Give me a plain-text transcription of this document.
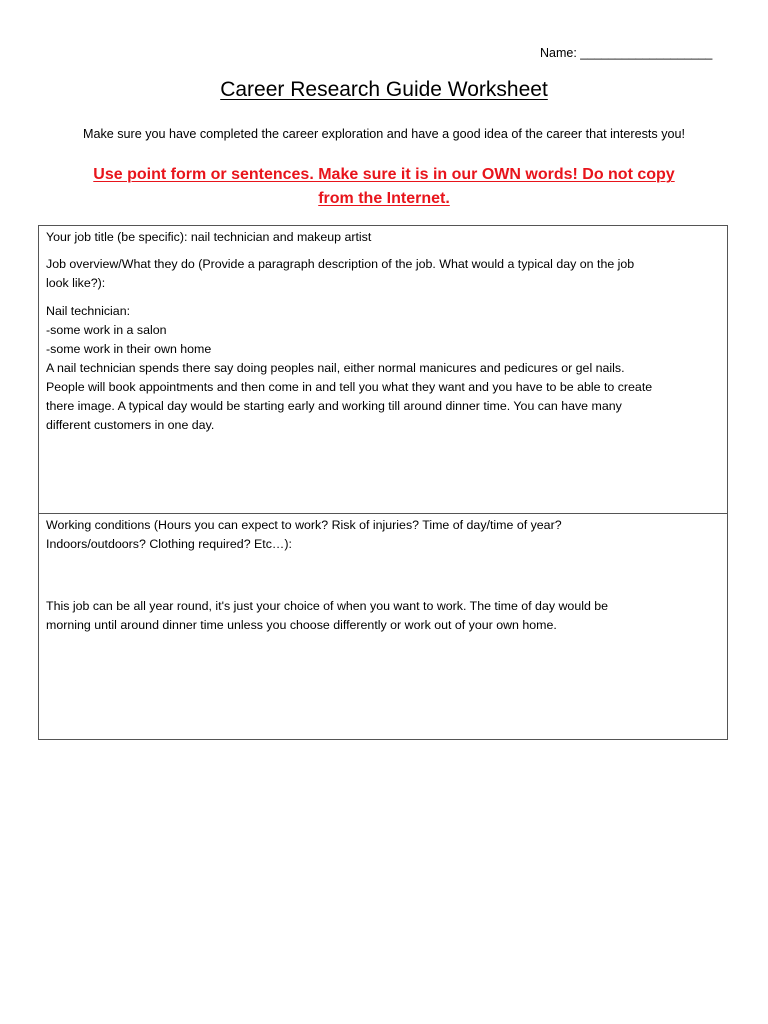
Name: ___________________
Career Research Guide Worksheet
Make sure you have completed the career exploration and have a good idea of the career that interests you!
Use point form or sentences. Make sure it is in our OWN words! Do not copy
from the Internet.

Your job title (be specific): nail technician and makeup artist

Job overview/What they do (Provide a paragraph description of the job. What would a typical day on the job

look like?):

Nail technician:

-some work in a salon

-some work in their own home

A nail technician spends there say doing peoples nail, either normal manicures and pedicures or gel nails.

People will book appointments and then come in and tell you what they want and you have to be able to create

there image. A typical day would be starting early and working till around dinner time. You can have many

different customers in one day.

Working conditions (Hours you can expect to work? Risk of injuries? Time of day/time of year?

Indoors/outdoors? Clothing required? Etc…):

This job can be all year round, it's just your choice of when you want to work. The time of day would be

morning until around dinner time unless you choose differently or work out of your own home.
